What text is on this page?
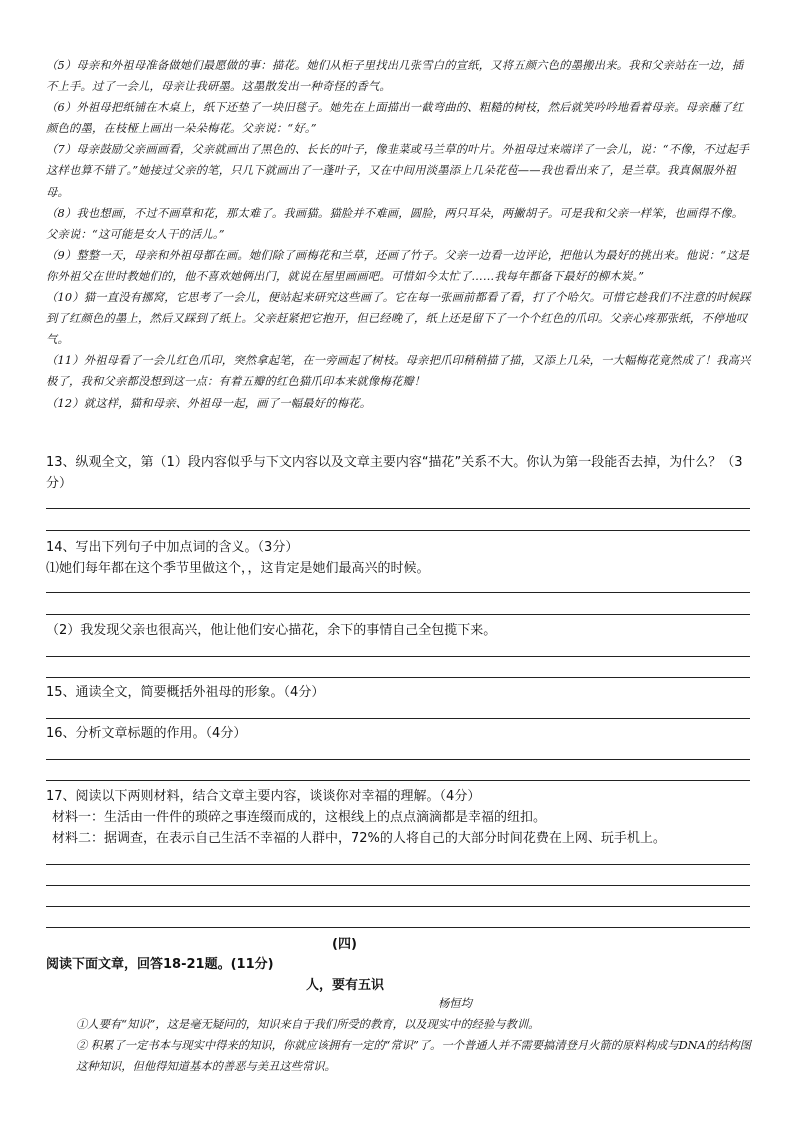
（5）母亲和外祖母准备做她们最愿做的事：描花。她们从柜子里找出几张雪白的宣纸，又将五颜六色的墨搬出来。我和父亲站在一边，插不上手。过了一会儿，母亲让我研墨。这墨散发出一种奇怪的香气。

（6）外祖母把纸铺在木桌上，纸下还垫了一块旧毯子。她先在上面描出一截弯曲的、粗糙的树枝，然后就笑吟吟地看着母亲。母亲蘸了红颜色的墨，在枝桠上画出一朵朵梅花。父亲说：“好。”

（7）母亲鼓励父亲画画看，父亲就画出了黑色的、长长的叶子，像韭菜或马兰草的叶片。外祖母过来端详了一会儿，说：“不像，不过起手这样也算不错了。”她接过父亲的笔，只几下就画出了一蓬叶子，又在中间用淡墨添上几朵花苞——我也看出来了，是兰草。我真佩服外祖母。

（8）我也想画，不过不画草和花，那太难了。我画猫。猫脸并不难画，圆脸，两只耳朵，两撇胡子。可是我和父亲一样笨，也画得不像。父亲说：“这可能是女人干的活儿。”

（9）整整一天，母亲和外祖母都在画。她们除了画梅花和兰草，还画了竹子。父亲一边看一边评论，把他认为最好的挑出来。他说：“这是你外祖父在世时教她们的，他不喜欢她俩出门，就说在屋里画画吧。可惜如今太忙了……我每年都备下最好的柳木炭。”

（10）猫一直没有挪窝，它思考了一会儿，便站起来研究这些画了。它在每一张画前都看了看，打了个哈欠。可惜它趁我们不注意的时候踩到了红颜色的墨上，然后又踩到了纸上。父亲赶紧把它抱开，但已经晚了，纸上还是留下了一个个红色的爪印。父亲心疼那张纸，不停地叹气。

（11）外祖母看了一会儿红色爪印，突然拿起笔，在一旁画起了树枝。母亲把爪印稍稍描了描，又添上几朵，一大幅梅花竟然成了！我高兴极了，我和父亲都没想到这一点：有着五瓣的红色猫爪印本来就像梅花瓣！

（12）就这样，猫和母亲、外祖母一起，画了一幅最好的梅花。

13、纵观全文，第（1）段内容似乎与下文内容以及文章主要内容“描花”关系不大。你认为第一段能否去掉，为什么？（3分）

14、写出下列句子中加点词的含义。（3分）

⑴她们每年都在这个季节里做这个，，这肯定是她们最高兴的时候。

（2）我发现父亲也很高兴，他让他们安心描花，余下的事情自己全包揽下来。

15、通读全文，简要概括外祖母的形象。（4分）

16、分析文章标题的作用。（4分）

17、阅读以下两则材料，结合文章主要内容，谈谈你对幸福的理解。（4分）

材料一：生活由一件件的琐碎之事连缀而成的，这根线上的点点滴滴都是幸福的纽扣。

材料二：据调查，在表示自己生活不幸福的人群中，72%的人将自己的大部分时间花费在上网、玩手机上。

(四)
阅读下面文章，回答18-21题。(11分)
人，要有五识
杨恒均

①人要有“知识”，这是毫无疑问的，知识来自于我们所受的教育，以及现实中的经验与教训。

② 积累了一定书本与现实中得来的知识，你就应该拥有一定的“常识”了。一个普通人并不需要搞清登月火箭的原料构成与DNA的结构图这种知识，但他得知道基本的善恶与美丑这些常识。
